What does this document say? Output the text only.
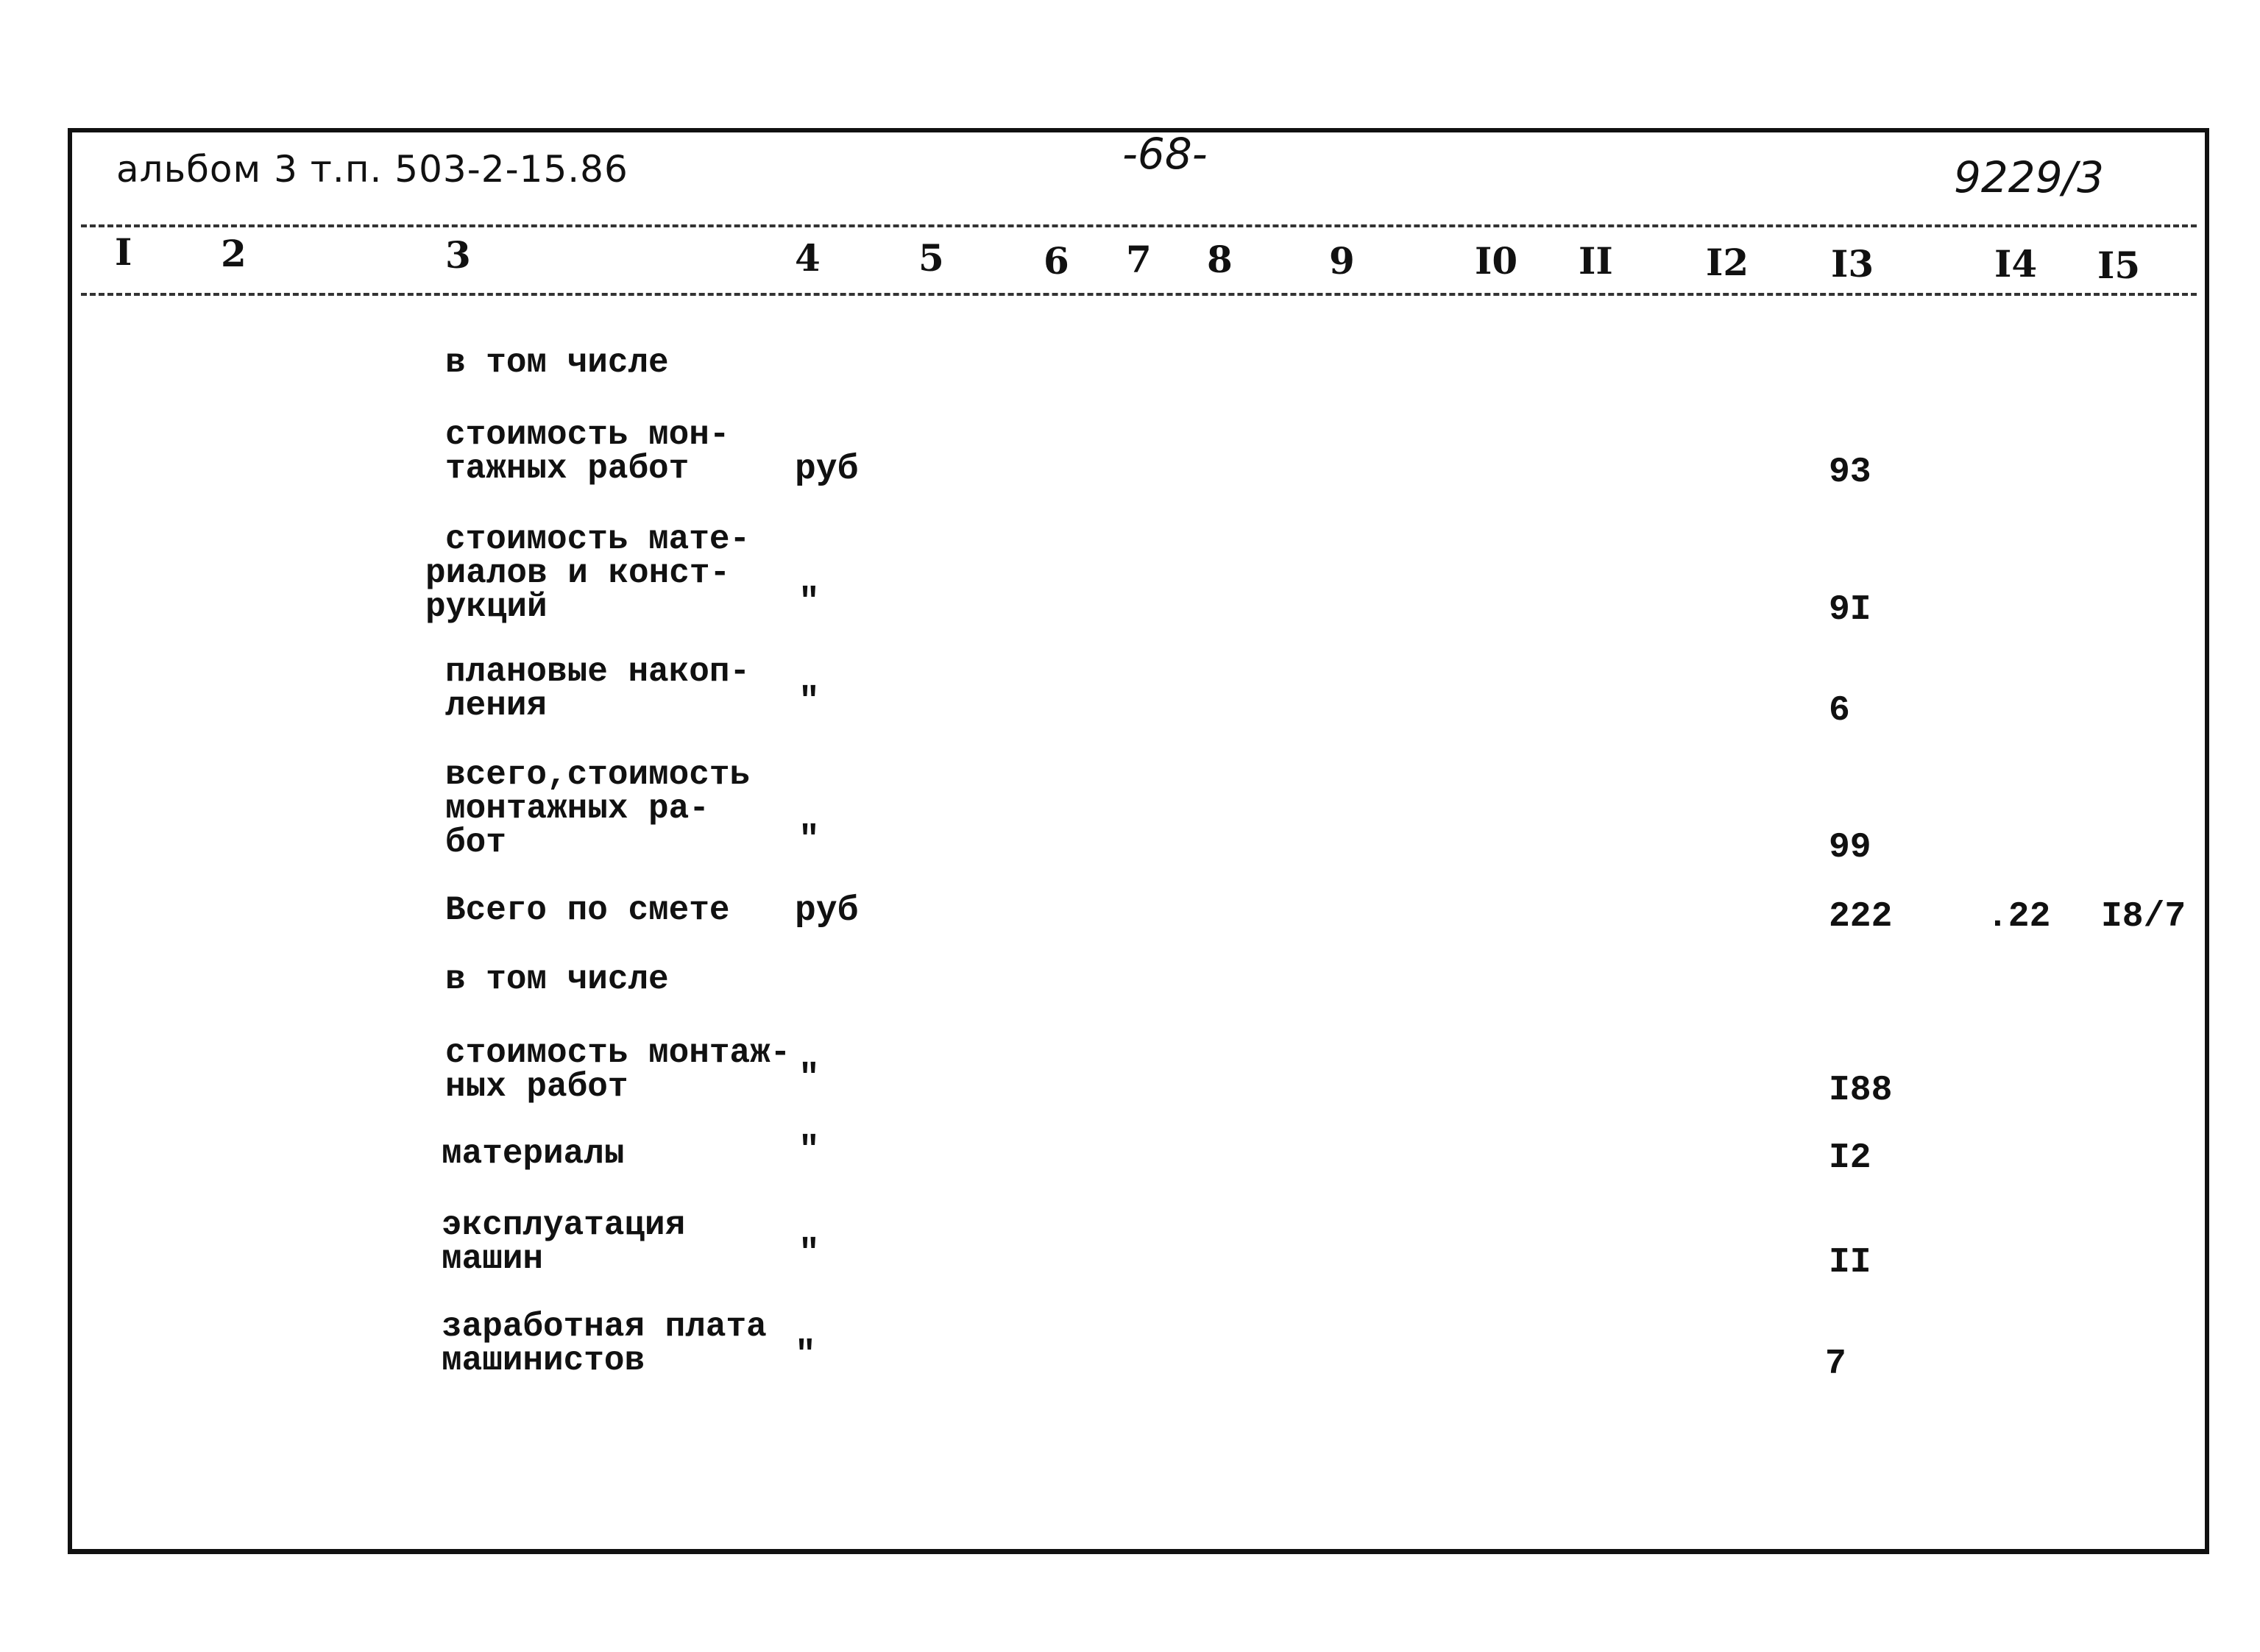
альбом 3 т.п. 503-2-15.86	-68-	9229/3
I 2	3	4	5	6 7 8	9	I0 II	I2 I3	I4 I5
в том числе
стоимость мон-
тажных работ	руб	93
стоимость мате-
риалов и конст-
рукций	"	9I
плановые накоп-
ления	"	6
всего,стоимость
монтажных ра-
бот	"	99
Всего по смете руб	222	.22 I8/7
в том числе
стоимость монтаж-
ных работ	"	I88
материалы	"	I2
эксплуатация
машин	"	II
заработная плата
машинистов	"	7
